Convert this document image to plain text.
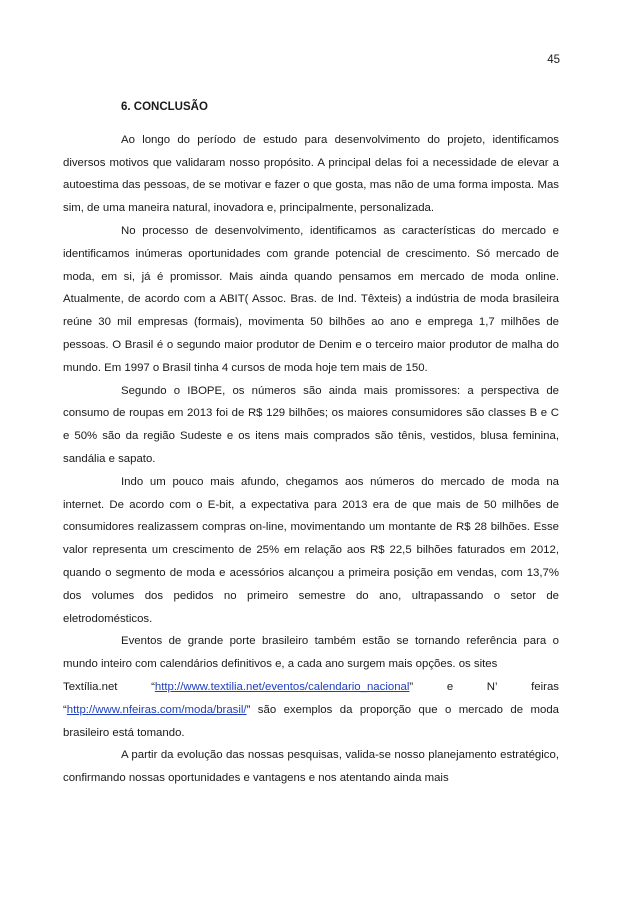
45
6. CONCLUSÃO

Ao longo do período de estudo para desenvolvimento do projeto, identificamos diversos motivos que validaram nosso propósito. A principal delas foi a necessidade de elevar a autoestima das pessoas, de se motivar e fazer o que gosta, mas não de uma forma imposta. Mas sim, de uma maneira natural, inovadora e, principalmente, personalizada.

No processo de desenvolvimento, identificamos as características do mercado e identificamos inúmeras oportunidades com grande potencial de crescimento. Só mercado de moda, em si, já é promissor. Mais ainda quando pensamos em mercado de moda online. Atualmente, de acordo com a ABIT( Assoc. Bras. de Ind. Têxteis) a indústria de moda brasileira reúne 30 mil empresas (formais), movimenta 50 bilhões ao ano e emprega 1,7 milhões de pessoas. O Brasil é o segundo maior produtor de Denim e o terceiro maior produtor de malha do mundo. Em 1997 o Brasil tinha 4 cursos de moda hoje tem mais de 150.

Segundo o IBOPE, os números são ainda mais promissores: a perspectiva de consumo de roupas em 2013 foi de R$ 129 bilhões; os maiores consumidores são classes B e C e 50% são da região Sudeste e os itens mais comprados são tênis, vestidos, blusa feminina, sandália e sapato.

Indo um pouco mais afundo, chegamos aos números do mercado de moda na internet. De acordo com o E-bit, a expectativa para 2013 era de que mais de 50 milhões de consumidores realizassem compras on-line, movimentando um montante de R$ 28 bilhões. Esse valor representa um crescimento de 25% em relação aos R$ 22,5 bilhões faturados em 2012, quando o segmento de moda e acessórios alcançou a primeira posição em vendas, com 13,7% dos volumes dos pedidos no primeiro semestre do ano, ultrapassando o setor de eletrodomésticos.

Eventos de grande porte brasileiro também estão se tornando referência para o mundo inteiro com calendários definitivos e, a cada ano surgem mais opções. os sites

Textília.net	“http://www.textilia.net/eventos/calendario_nacional”	e	N’	feiras

“http://www.nfeiras.com/moda/brasil/” são exemplos da proporção que o mercado de moda brasileiro está tomando.

A partir da evolução das nossas pesquisas, valida-se nosso planejamento estratégico, confirmando nossas oportunidades e vantagens e nos atentando ainda mais
